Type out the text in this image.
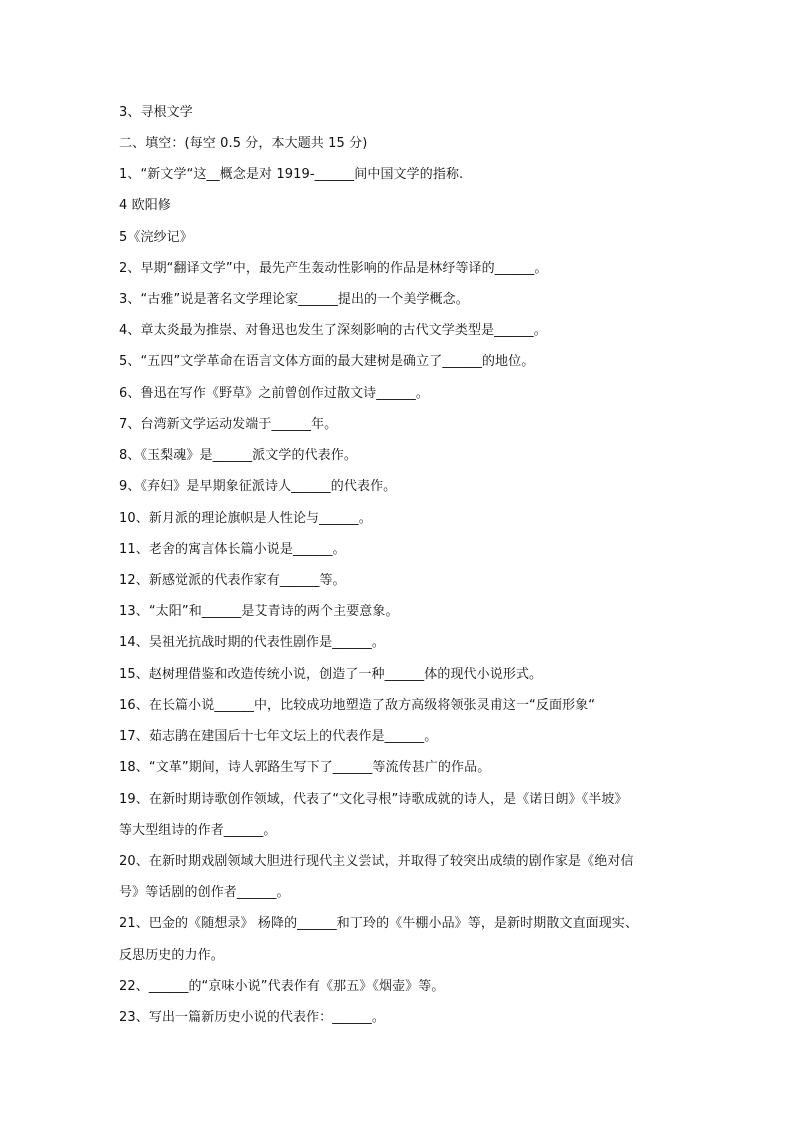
3、寻根文学
二、填空：(每空 0.5 分，本大题共 15 分)
1、“新文学“这__概念是对 1919-______间中国文学的指称.
4 欧阳修
5《浣纱记》
2、早期“翻译文学”中，最先产生轰动性影响的作品是林纾等译的______。
3、“古雅”说是著名文学理论家______提出的一个美学概念。
4、章太炎最为推崇、对鲁迅也发生了深刻影响的古代文学类型是______。
5、“五四”文学革命在语言文体方面的最大建树是确立了______的地位。
6、鲁迅在写作《野草》之前曾创作过散文诗______。
7、台湾新文学运动发端于______年。
8、《玉梨魂》是______派文学的代表作。
9、《弃妇》是早期象征派诗人______的代表作。
10、新月派的理论旗帜是人性论与______。
11、老舍的寓言体长篇小说是______。
12、新感觉派的代表作家有______等。
13、“太阳”和______是艾青诗的两个主要意象。
14、吴祖光抗战时期的代表性剧作是______。
15、赵树理借鉴和改造传统小说，创造了一种______体的现代小说形式。
16、在长篇小说______中，比较成功地塑造了敌方高级将领张灵甫这一“反面形象“
17、茹志鹃在建国后十七年文坛上的代表作是______。
18、“文革”期间，诗人郭路生写下了______等流传甚广的作品。
19、在新时期诗歌创作领域，代表了“文化寻根”诗歌成就的诗人，是《诺日朗》《半坡》
等大型组诗的作者______。
20、在新时期戏剧领域大胆进行现代主义尝试，并取得了较突出成绩的剧作家是《绝对信
号》等话剧的创作者______。
21、巴金的《随想录》 杨降的______和丁玲的《牛棚小品》等，是新时期散文直面现实、
反思历史的力作。
22、______的“京味小说”代表作有《那五》《烟壶》等。
23、写出一篇新历史小说的代表作：______。
